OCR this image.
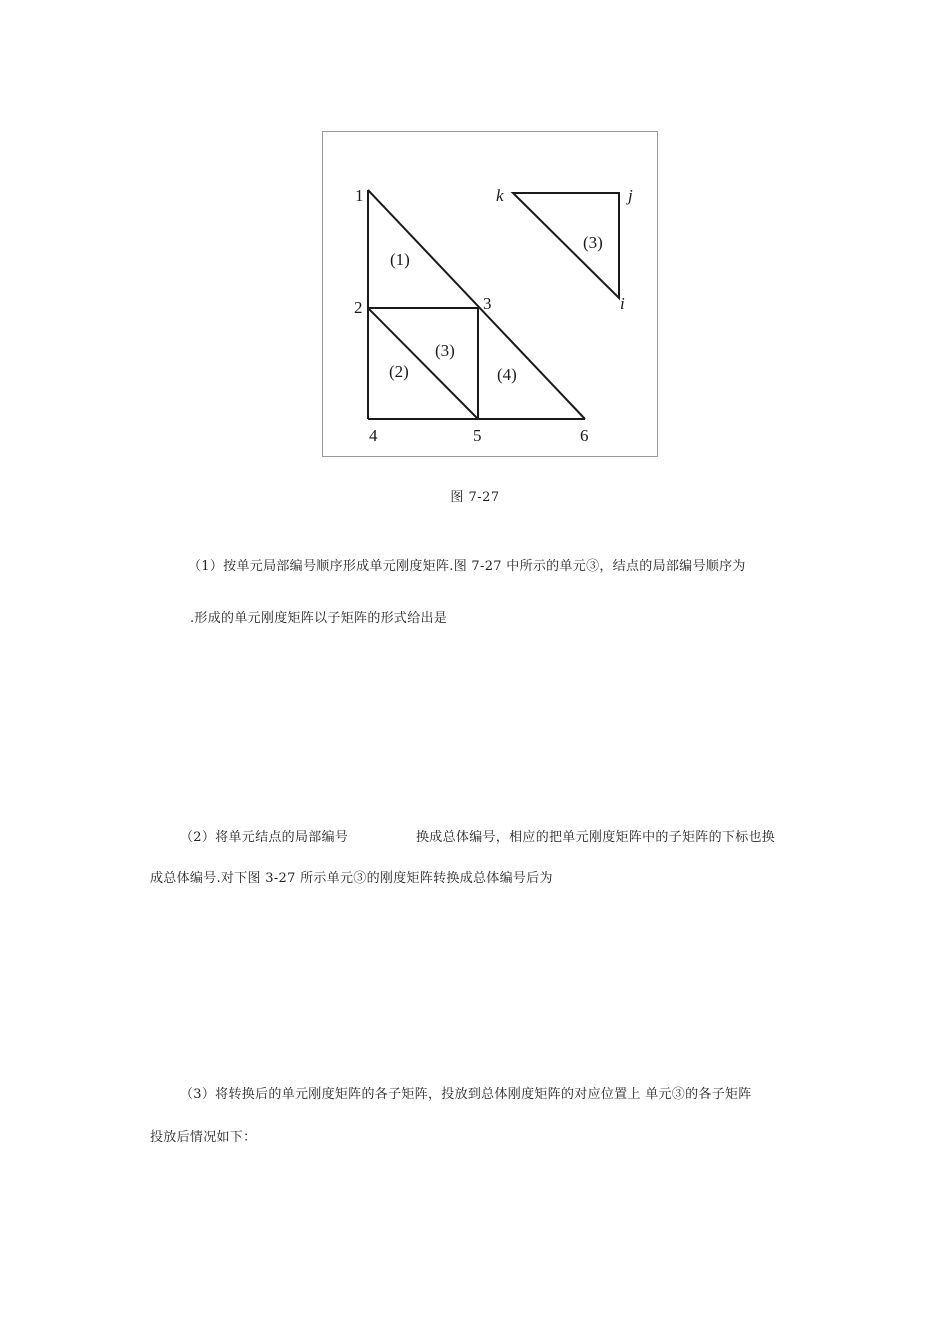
1
2	3
4	5	6
(1)
(2)
(3)
(4)
(3)
k	j
i
图 7-27
（1）按单元局部编号顺序形成单元刚度矩阵.图 7-27 中所示的单元③，结点的局部编号顺序为
.形成的单元刚度矩阵以子矩阵的形式给出是
（2）将单元结点的局部编号	换成总体编号，相应的把单元刚度矩阵中的子矩阵的下标也换
成总体编号.对下图 3-27 所示单元③的刚度矩阵转换成总体编号后为
（3）将转换后的单元刚度矩阵的各子矩阵，投放到总体刚度矩阵的对应位置上 单元③的各子矩阵
投放后情况如下：
